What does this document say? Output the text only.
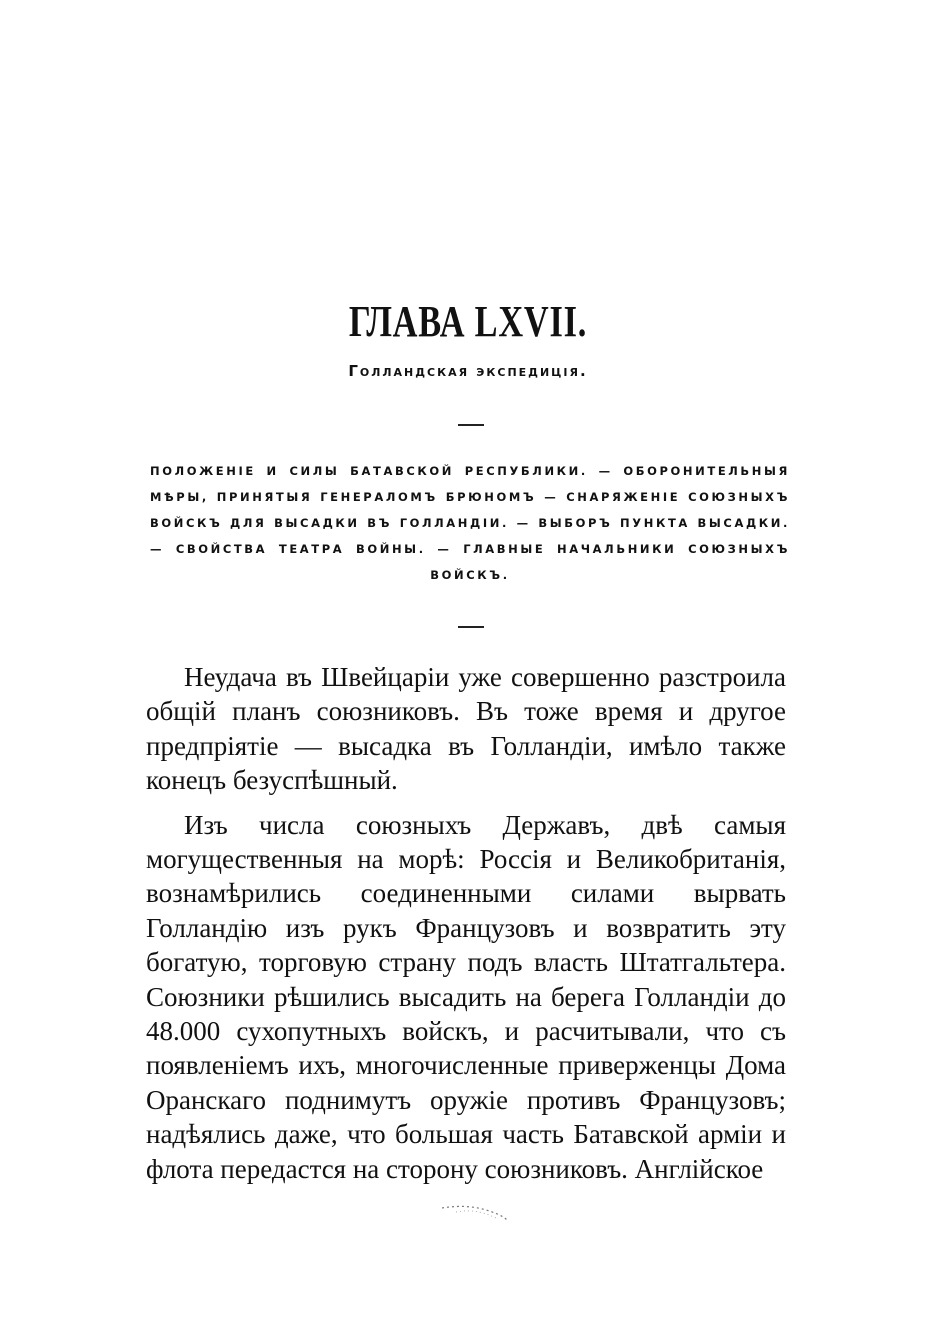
ГЛАВА LXVII.
Голландская экспедиція.
ПОЛОЖЕНІЕ И СИЛЫ БАТАВСКОЙ РЕСПУБЛИКИ. — ОБОРОНИТЕЛЬНЫЯ МѢРЫ, ПРИНЯТЫЯ ГЕНЕРАЛОМЪ БРЮНОМЪ — СНАРЯЖЕНІЕ СОЮЗНЫХЪ ВОЙСКЪ ДЛЯ ВЫСАДКИ ВЪ ГОЛЛАНДІИ. — ВЫБОРЪ ПУНКТА ВЫСАДКИ. — СВОЙСТВА ТЕАТРА ВОЙНЫ. — ГЛАВНЫЕ НАЧАЛЬНИКИ СОЮЗНЫХЪ ВОЙСКЪ.

Неудача въ Швейцаріи уже совершенно разстроила общій планъ союзниковъ. Въ тоже время и другое предпріятіе — высадка въ Голландіи, имѣло также конецъ безуспѣшный.

Изъ числа союзныхъ Державъ, двѣ самыя могущественныя на морѣ: Россія и Великобританія, вознамѣрились соединенными силами вырвать Голландію изъ рукъ Французовъ и возвратить эту богатую, торговую страну подъ власть Штатгальтера. Союзники рѣшились высадить на берега Голландіи до 48.000 сухопутныхъ войскъ, и расчитывали, что съ появленіемъ ихъ, многочисленные приверженцы Дома Оранскаго поднимутъ оружіе противъ Французовъ; надѣялись даже, что большая часть Батавской арміи и флота передастся на сторону союзниковъ. Англійское
